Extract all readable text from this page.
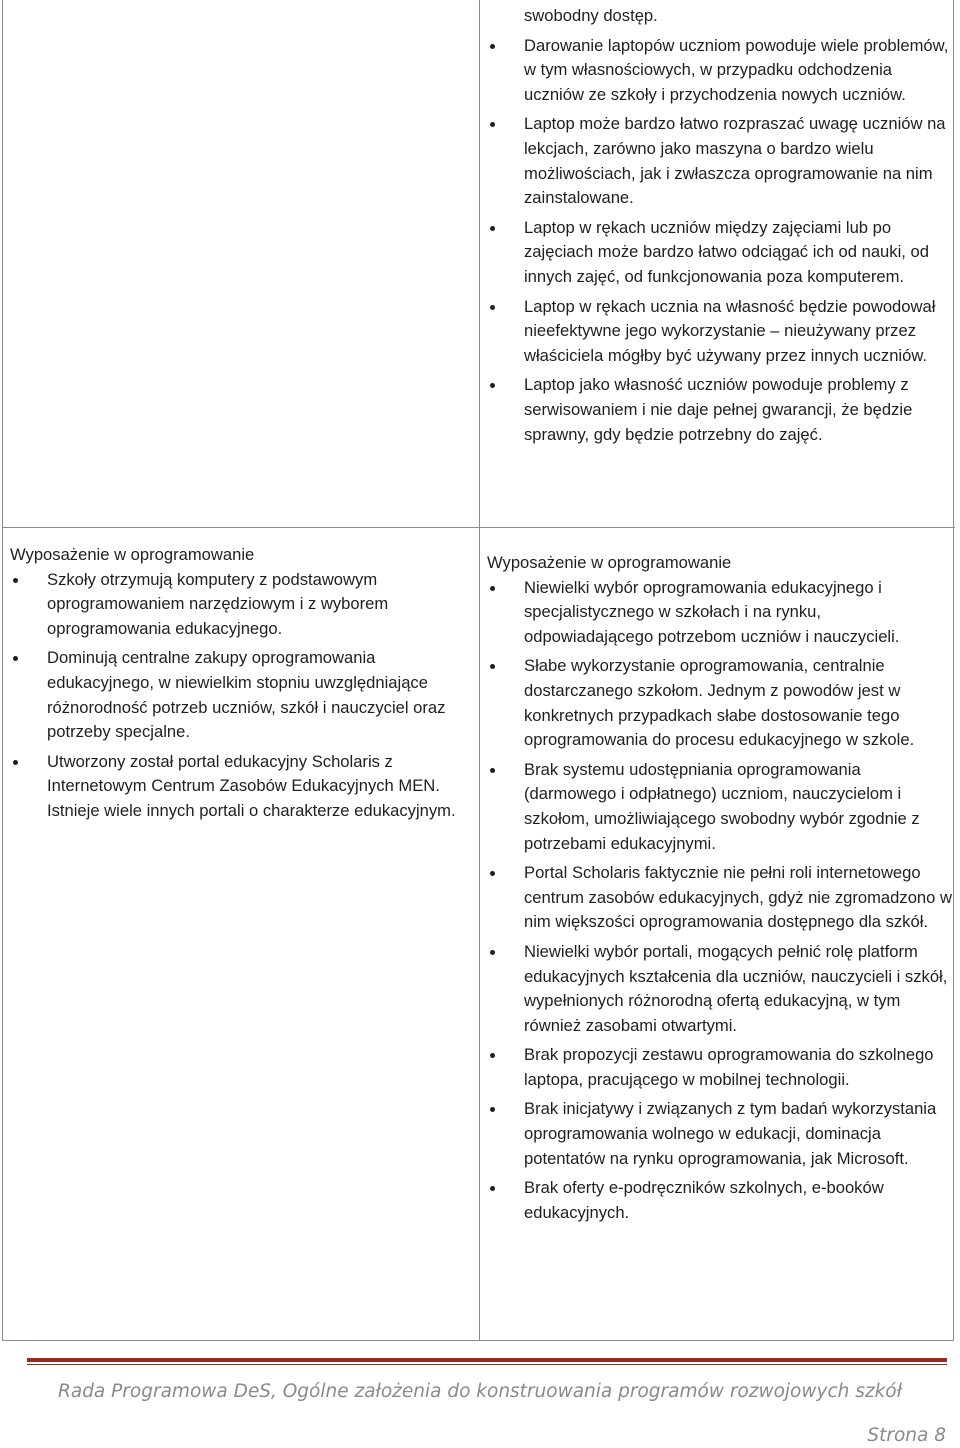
swobodny dostęp.

Darowanie laptopów uczniom powoduje wiele problemów, w tym własnościowych, w przypadku odchodzenia uczniów ze szkoły i przychodzenia nowych uczniów.
Laptop może bardzo łatwo rozpraszać uwagę uczniów na lekcjach, zarówno jako maszyna o bardzo wielu możliwościach, jak i zwłaszcza oprogramowanie na nim zainstalowane.
Laptop w rękach uczniów między zajęciami lub po zajęciach może bardzo łatwo odciągać ich od nauki, od innych zajęć, od funkcjonowania poza komputerem.
Laptop w rękach ucznia na własność będzie powodował nieefektywne jego wykorzystanie – nieużywany przez właściciela mógłby być używany przez innych uczniów.
Laptop jako własność uczniów powoduje problemy z serwisowaniem i nie daje pełnej gwarancji, że będzie sprawny, gdy będzie potrzebny do zajęć.

Wyposażenie w oprogramowanie

Szkoły otrzymują komputery z podstawowym oprogramowaniem narzędziowym i z wyborem oprogramowania edukacyjnego.
Dominują centralne zakupy oprogramowania edukacyjnego, w niewielkim stopniu uwzględniające różnorodność potrzeb uczniów, szkół i nauczyciel oraz potrzeby specjalne.
Utworzony został portal edukacyjny Scholaris z Internetowym Centrum Zasobów Edukacyjnych MEN. Istnieje wiele innych portali o charakterze edukacyjnym.

Wyposażenie w oprogramowanie

Niewielki wybór oprogramowania edukacyjnego i specjalistycznego w szkołach i na rynku, odpowiadającego potrzebom uczniów i nauczycieli.
Słabe wykorzystanie oprogramowania, centralnie dostarczanego szkołom. Jednym z powodów jest w konkretnych przypadkach słabe dostosowanie tego oprogramowania do procesu edukacyjnego w szkole.
Brak systemu udostępniania oprogramowania (darmowego i odpłatnego) uczniom, nauczycielom i szkołom, umożliwiającego swobodny wybór zgodnie z potrzebami edukacyjnymi.
Portal Scholaris faktycznie nie pełni roli internetowego centrum zasobów edukacyjnych, gdyż nie zgromadzono w nim większości oprogramowania dostępnego dla szkół.
Niewielki wybór portali, mogących pełnić rolę platform edukacyjnych kształcenia dla uczniów, nauczycieli i szkół, wypełnionych różnorodną ofertą edukacyjną, w tym również zasobami otwartymi.
Brak propozycji zestawu oprogramowania do szkolnego laptopa, pracującego w mobilnej technologii.
Brak inicjatywy i związanych z tym badań wykorzystania oprogramowania wolnego w edukacji, dominacja potentatów na rynku oprogramowania, jak Microsoft.
Brak oferty e-podręczników szkolnych, e-booków edukacyjnych.
Rada Programowa DeS, Ogólne założenia do konstruowania programów rozwojowych szkół
Strona 8
